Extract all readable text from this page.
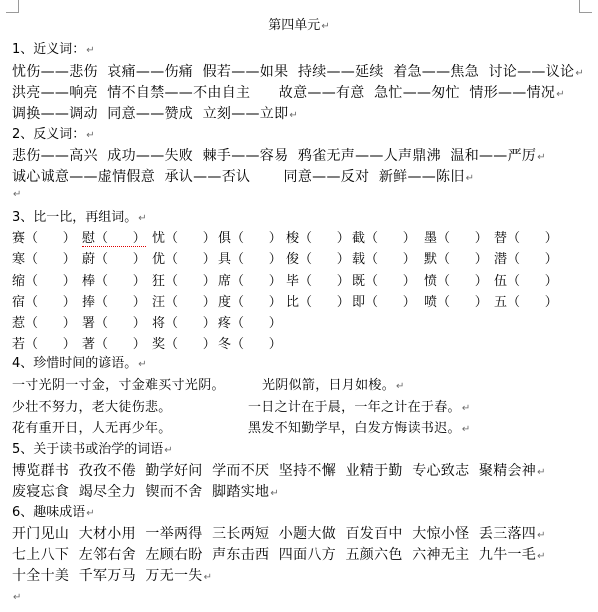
第四单元↵
1、近义词：↵
忧伤——悲伤  哀痛——伤痛  假若——如果  持续——延续  着急——焦急  讨论——议论↵
洪亮——响亮  情不自禁——不由自主      故意——有意  急忙——匆忙  情形——情况↵
调换——调动  同意——赞成  立刻——立即↵
2、反义词：↵
悲伤——高兴  成功——失败  棘手——容易  鸦雀无声——人声鼎沸  温和——严厉↵
诚心诚意——虚情假意  承认——否认       同意——反对  新鲜——陈旧↵
↵
3、比一比，再组词。↵
赛（      ） 慰（      ） 忧（      ） 俱（      ） 梭（      ） 截（      ） 墨（      ） 替（      ）
寒（      ） 蔚（      ） 优（      ） 具（      ） 俊（      ） 载（      ） 默（      ） 潜（      ）
缩（      ） 棒（      ） 狂（      ） 席（      ） 毕（      ） 既（      ） 愤（      ） 伍（      ）
宿（      ） 捧（      ） 汪（      ） 度（      ） 比（      ） 即（      ） 喷（      ） 五（      ）
惹（      ） 署（      ） 将（      ） 疼（      ）
若（      ） 著（      ） 奖（      ） 冬（      ）
4、珍惜时间的谚语。↵
一寸光阴一寸金，寸金难买寸光阴。	光阴似箭，日月如梭。↵
少壮不努力，老大徒伤悲。	一日之计在于晨，一年之计在于春。↵
花有重开日，人无再少年。	黑发不知勤学早，白发方悔读书迟。↵
5、关于读书或治学的词语↵
博览群书  孜孜不倦  勤学好问  学而不厌  坚持不懈  业精于勤  专心致志  聚精会神↵
废寝忘食  竭尽全力  锲而不舍  脚踏实地↵
6、趣味成语↵
开门见山  大材小用  一举两得  三长两短  小题大做  百发百中  大惊小怪  丢三落四↵
七上八下  左邻右舍  左顾右盼  声东击西  四面八方  五颜六色  六神无主  九牛一毛↵
十全十美  千军万马  万无一失↵
↵
